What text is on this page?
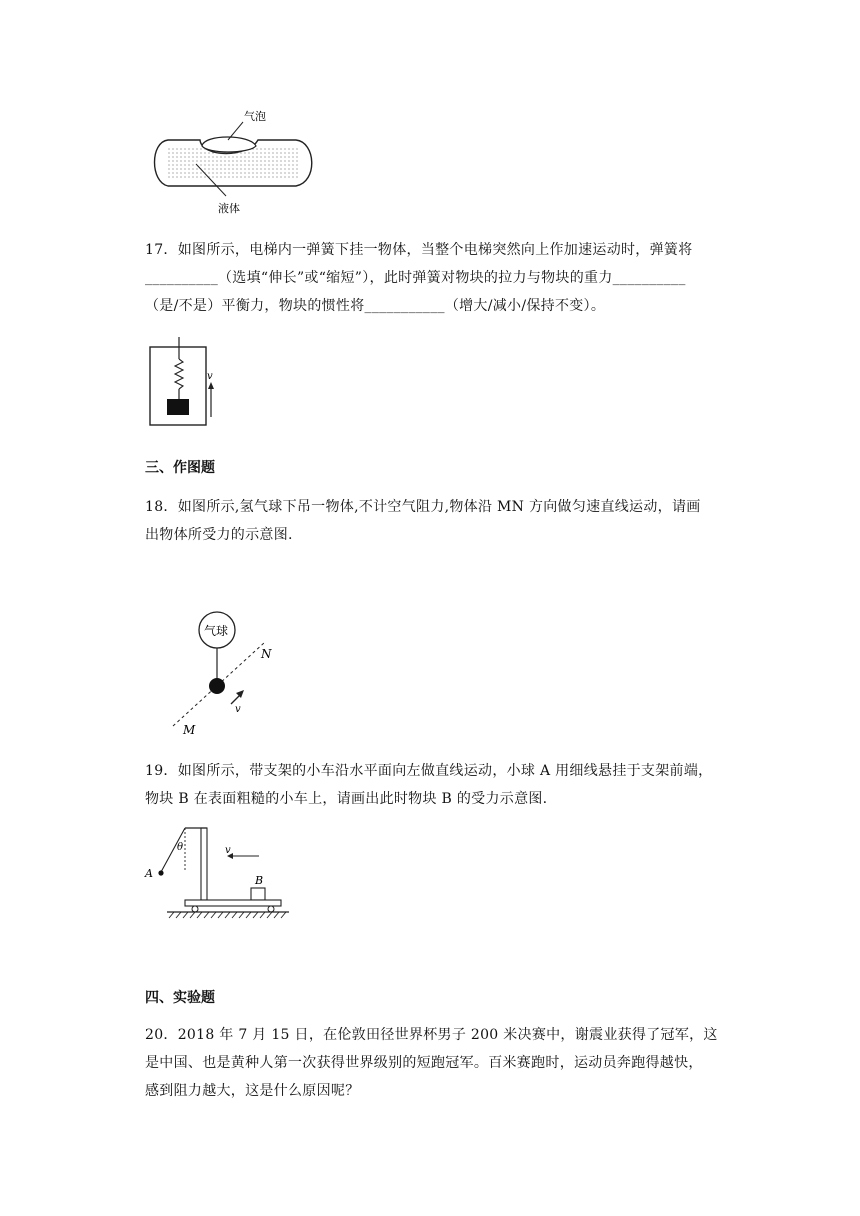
气泡
液体
17．如图所示，电梯内一弹簧下挂一物体，当整个电梯突然向上作加速运动时，弹簧将
__________（选填“伸长”或“缩短”），此时弹簧对物块的拉力与物块的重力__________
（是/不是）平衡力，物块的惯性将___________（增大/减小/保持不变）。
v
三、作图题
18．如图所示,氢气球下吊一物体,不计空气阻力,物体沿 MN 方向做匀速直线运动，请画
出物体所受力的示意图.
气球
v
N
M
19．如图所示，带支架的小车沿水平面向左做直线运动，小球 A 用细线悬挂于支架前端，
物块 B 在表面粗糙的小车上，请画出此时物块 B 的受力示意图.
θ
A
v
B
四、实验题
20．2018 年 7 月 15 日，在伦敦田径世界杯男子 200 米决赛中，谢震业获得了冠军，这
是中国、也是黄种人第一次获得世界级别的短跑冠军。百米赛跑时，运动员奔跑得越快，
感到阻力越大，这是什么原因呢？
